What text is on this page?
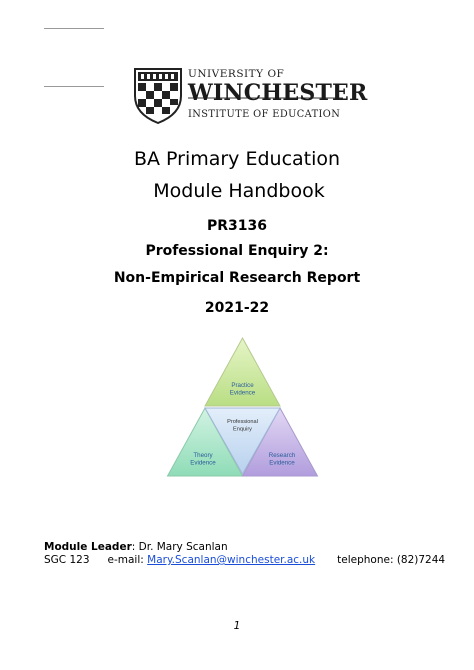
UNIVERSITY OF
WINCHESTER
INSTITUTE OF EDUCATION
BA Primary Education
Module Handbook
PR3136
Professional Enquiry 2:
Non-Empirical Research Report
2021-22
Practice Evidence
Professional Enquiry
Theory Evidence
Research Evidence
Module Leader: Dr. Mary Scanlan
SGC 123 e-mail: Mary.Scanlan@winchester.ac.uk telephone: (82)7244
1
